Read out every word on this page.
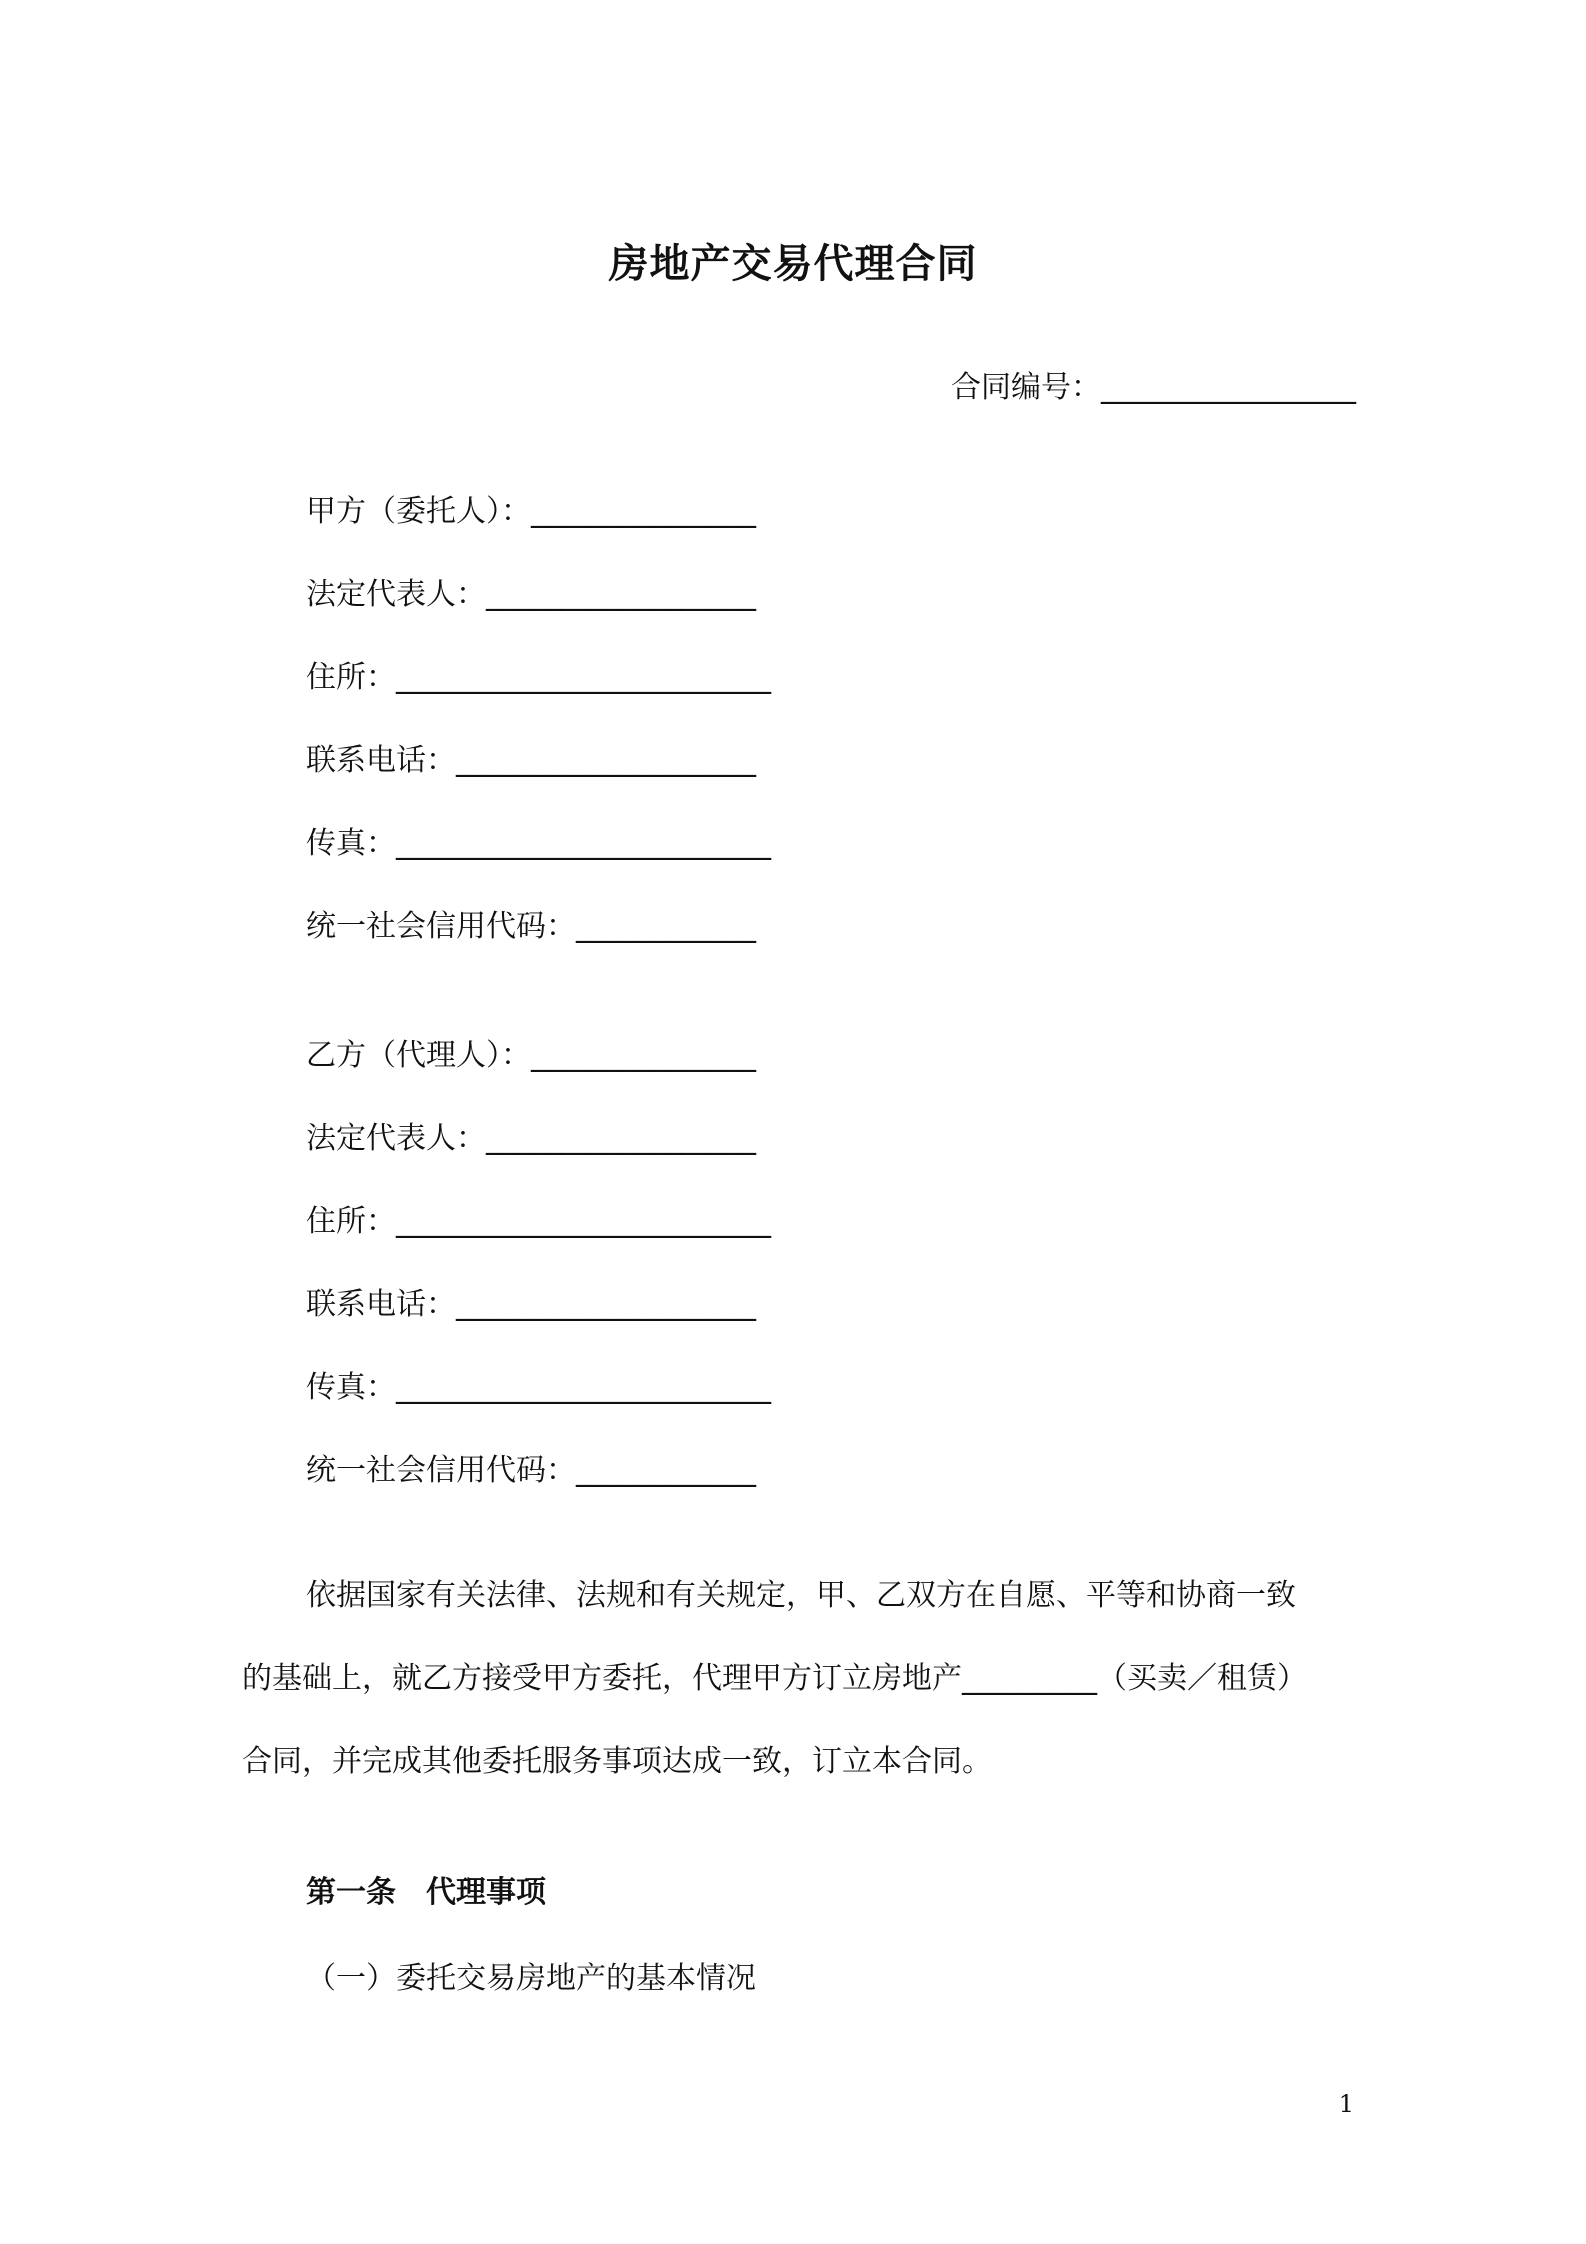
房地产交易代理合同
合同编号：_________________
甲方（委托人）：_______________
法定代表人：__________________
住所：_________________________
联系电话：____________________
传真：_________________________
统一社会信用代码：____________
乙方（代理人）：_______________
法定代表人：__________________
住所：_________________________
联系电话：____________________
传真：_________________________
统一社会信用代码：____________
依据国家有关法律、法规和有关规定，甲、乙双方在自愿、平等和协商一致
的基础上，就乙方接受甲方委托，代理甲方订立房地产_________（买卖／租赁）
合同，并完成其他委托服务事项达成一致，订立本合同。
第一条 代理事项
（一）委托交易房地产的基本情况
1
